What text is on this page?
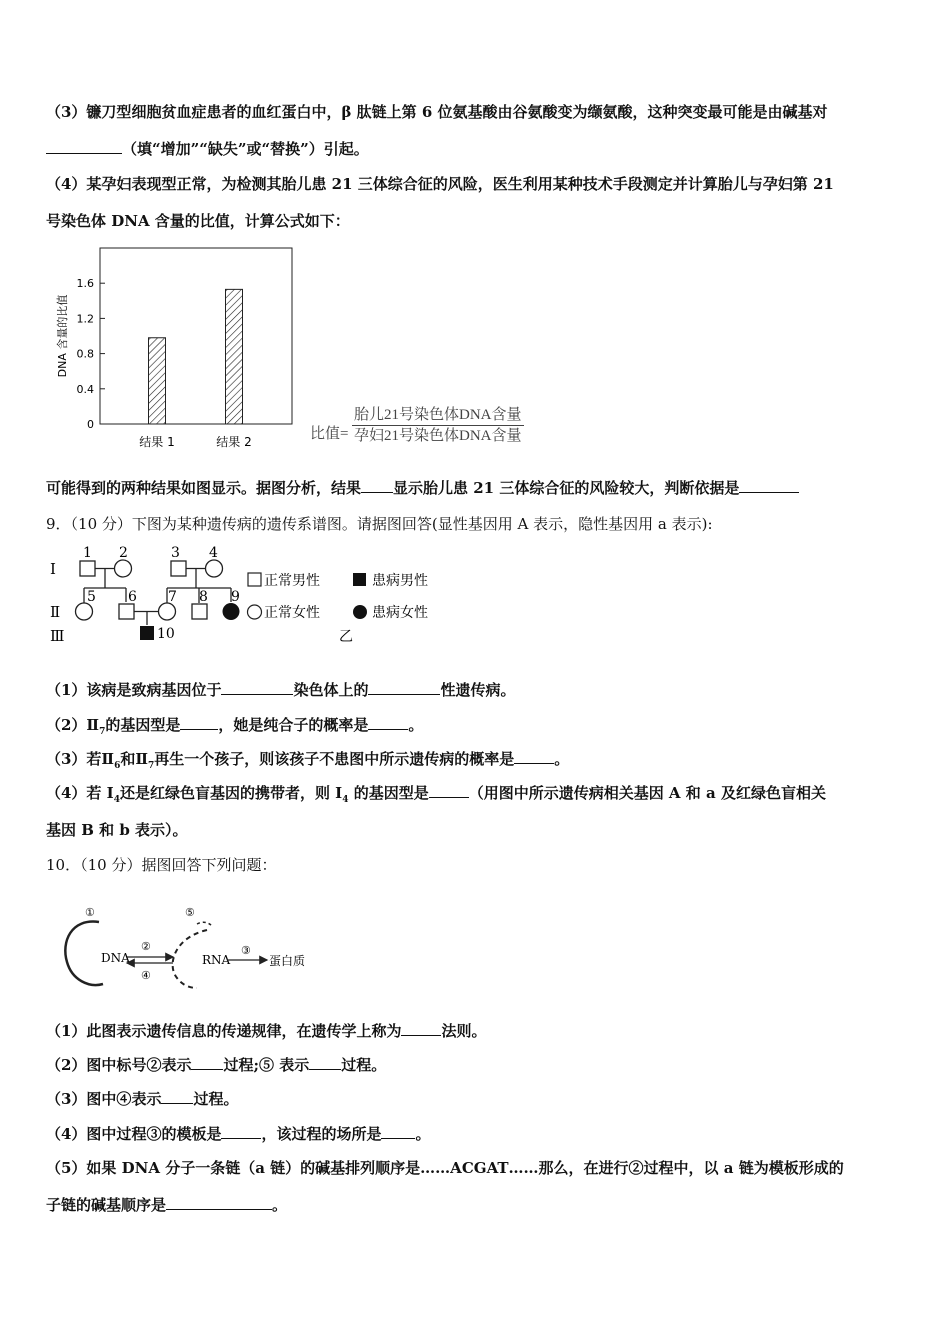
（3）镰刀型细胞贫血症患者的血红蛋白中，β 肽链上第 6 位氨基酸由谷氨酸变为缬氨酸，这种突变最可能是由碱基对
（填“增加”“缺失”或“替换”）引起。
（4）某孕妇表现型正常，为检测其胎儿患 21 三体综合征的风险，医生利用某种技术手段测定并计算胎儿与孕妇第 21
号染色体 DNA 含量的比值，计算公式如下：
0
0.4
0.8
1.2
1.6
结果 1	结果 2
DNA 含量的比值
比值=
胎儿21号染色体DNA含量
孕妇21号染色体DNA含量
可能得到的两种结果如图显示。据图分析，结果 显示胎儿患 21 三体综合征的风险较大，判断依据是
9．（10 分）下图为某种遗传病的遗传系谱图。请据图回答(显性基因用 A 表示，隐性基因用 a 表示):
Ⅰ
Ⅱ
Ⅲ
1 2	3 4
5 6 7 8 9
10
正常男性	患病男性
正常女性	患病女性
乙
（1）该病是致病基因位于	染色体上的	性遗传病。
$(2)Ⅱ_7$的基因型是	，她是纯合子的概率是	。
（3）若$Ⅱ_6$和$Ⅱ_7$再生一个孩子，则该孩子不患图中所示遗传病的概率是	。
（4）若 $I_4$还是红绿色盲基因的携带者，则 $I_4$ 的基因型是	（用图中所示遗传病相关基因 A 和 a 及红绿色盲相关
基因 B 和 b 表示）。
10．（10 分）据图回答下列问题：
①
DNA
②
④
⑤
RNA
③
蛋白质
（1）此图表示遗传信息的传递规律，在遗传学上称为	法则。
（2）图中标号②表示 过程;⑤ 表示 过程。
（3）图中④表示 过程。
（4）图中过程③的模板是	，该过程的场所是 。
（5）如果 DNA 分子一条链（a 链）的碱基排列顺序是……ACGAT……那么，在进行②过程中，以 a 链为模板形成的
子链的碱基顺序是	。
